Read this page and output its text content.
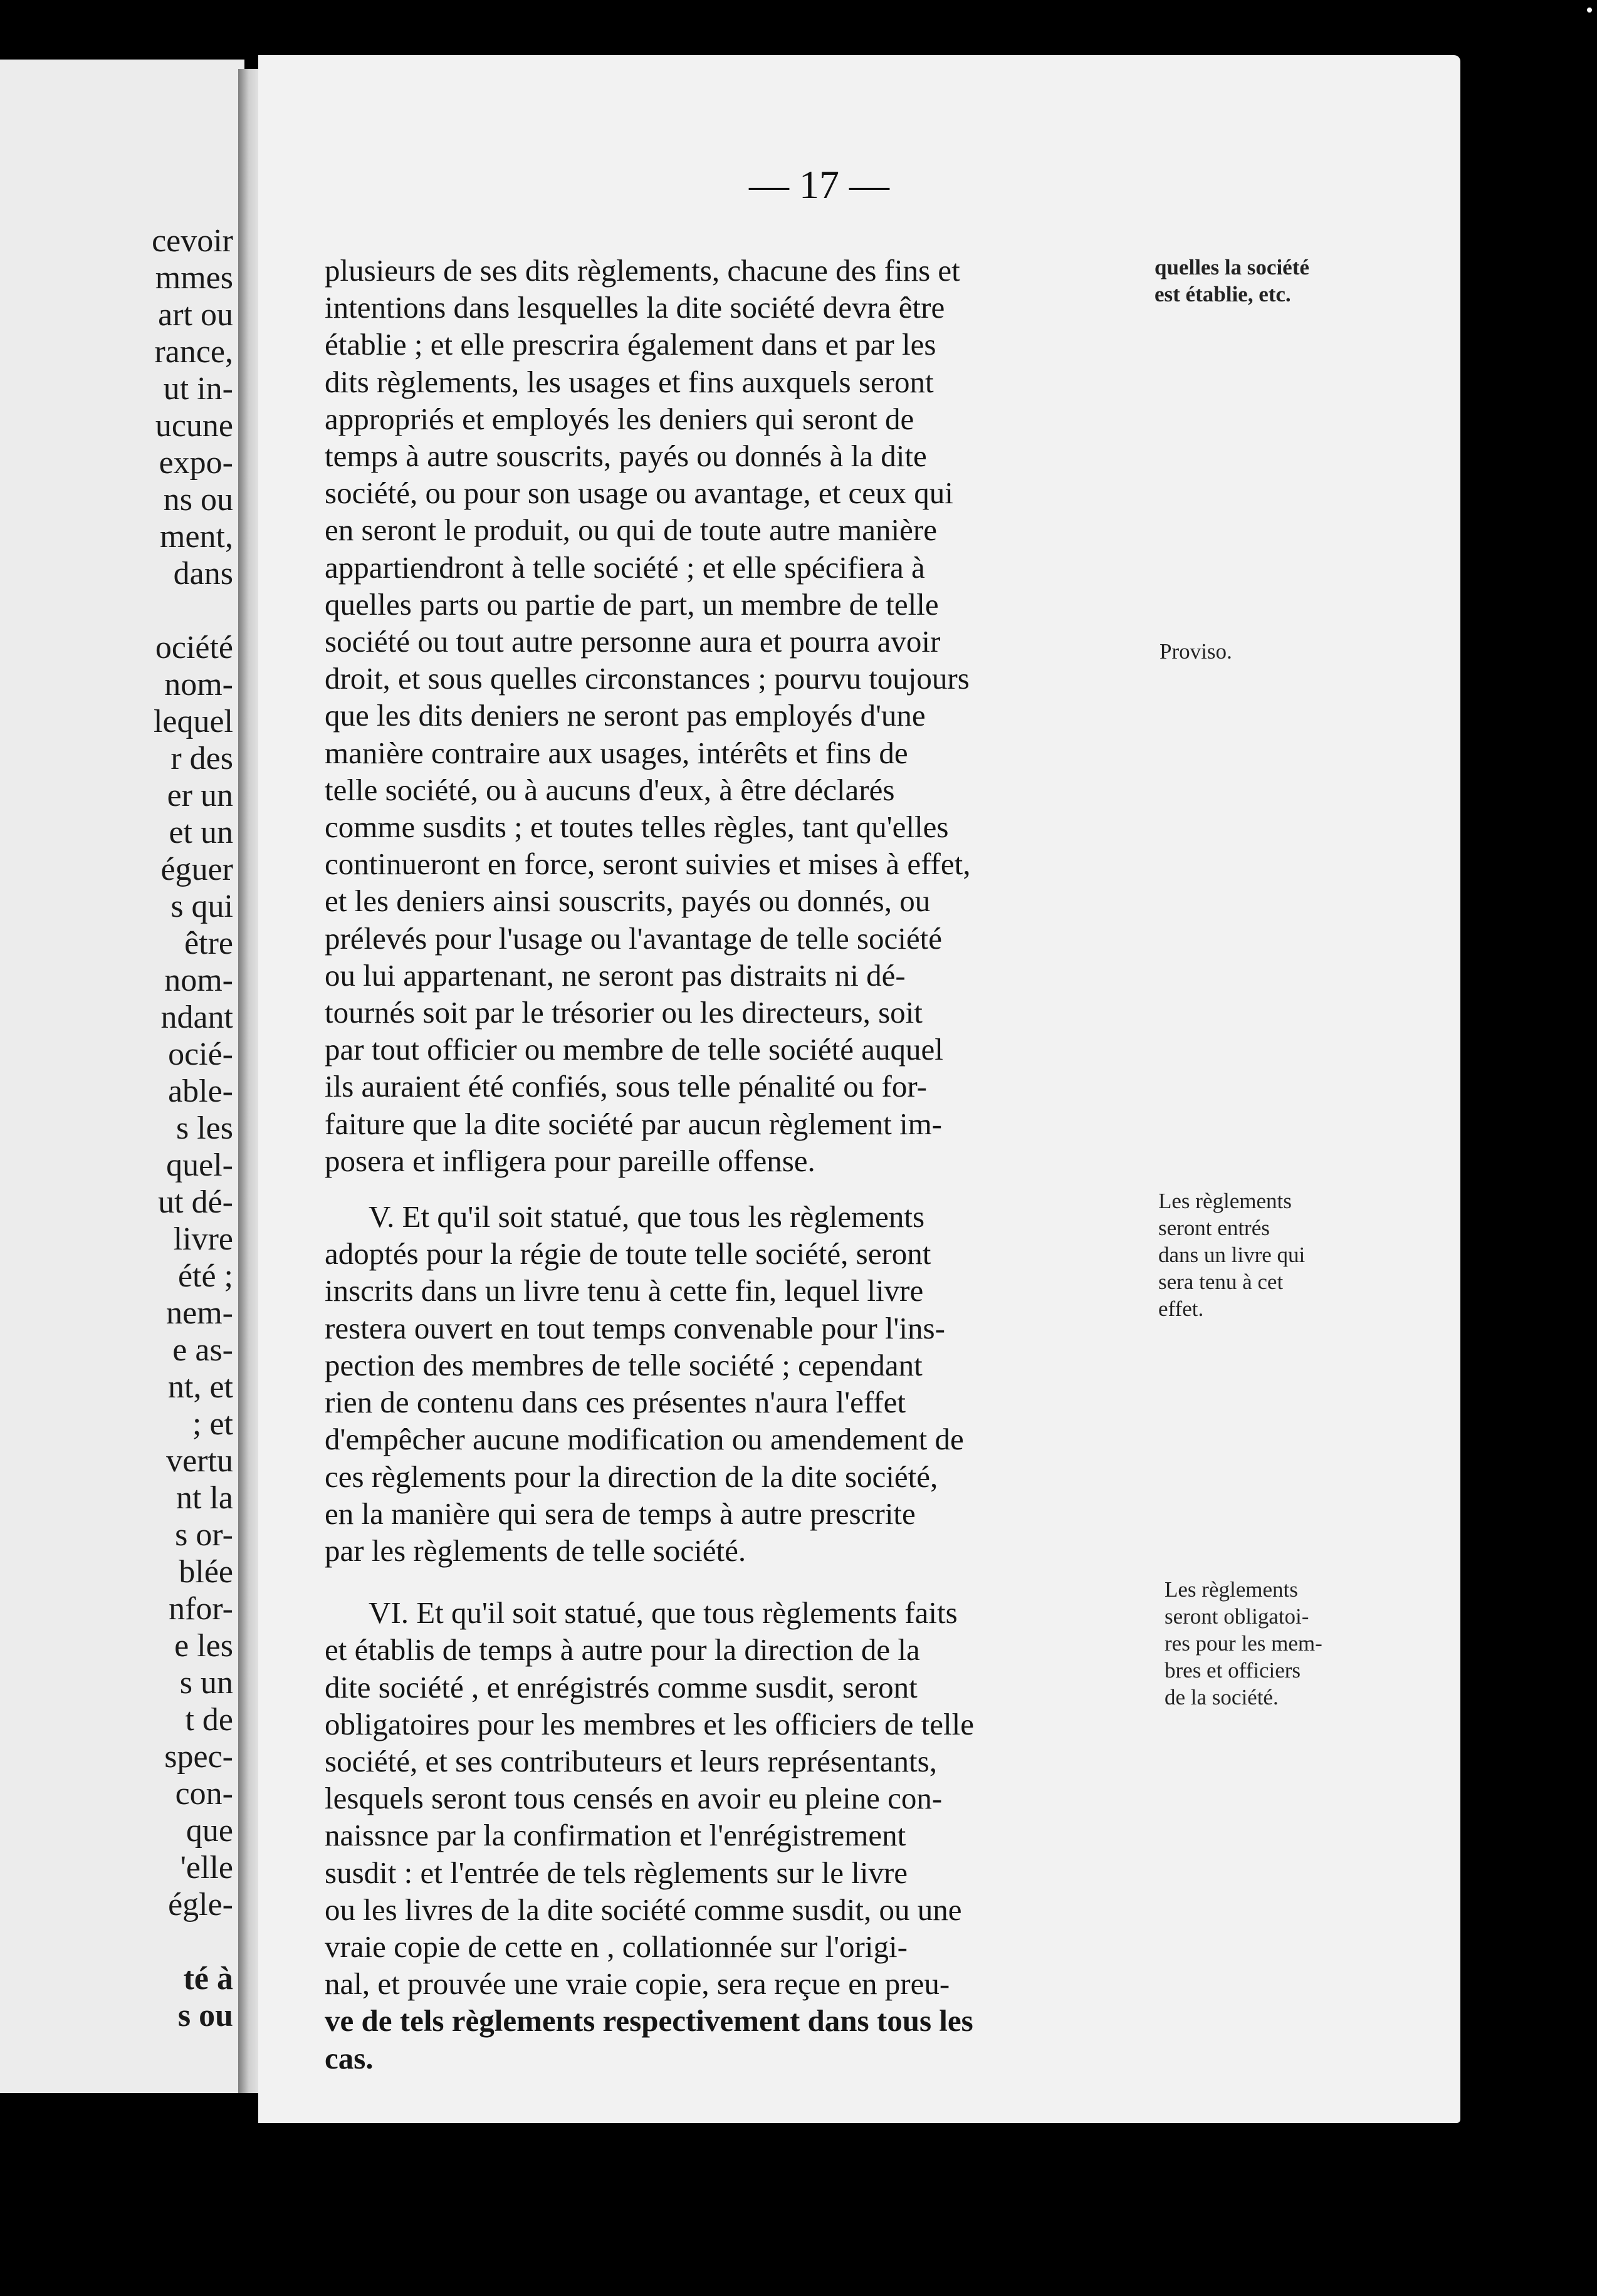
cevoir
mmes
art ou
rance,
ut in-
ucune
expo-
ns ou
ment,
dans
ociété
nom-
lequel
r des
er un
et un
éguer
s qui
être
nom-
ndant
ocié-
able-
s les
quel-
ut dé-
livre
été ;
nem-
e as-
nt, et
; et
vertu
nt la
s or-
blée
nfor-
e les
s un
t de
spec-
con-
que
'elle
égle-
té à
s ou
— 17 —

plusieurs de ses dits règlements, chacune des fins et
intentions dans lesquelles la dite société devra être
établie ; et elle prescrira également dans et par les
dits règlements, les usages et fins auxquels seront
appropriés et employés les deniers qui seront de
temps à autre souscrits, payés ou donnés à la dite
société, ou pour son usage ou avantage, et ceux qui
en seront le produit, ou qui de toute autre manière
appartiendront à telle société ; et elle spécifiera à
quelles parts ou partie de part, un membre de telle
société ou tout autre personne aura et pourra avoir
droit, et sous quelles circonstances ; pourvu toujours
que les dits deniers ne seront pas employés d'une
manière contraire aux usages, intérêts et fins de
telle société, ou à aucuns d'eux, à être déclarés
comme susdits ; et toutes telles règles, tant qu'elles
continueront en force, seront suivies et mises à effet,
et les deniers ainsi souscrits, payés ou donnés, ou
prélevés pour l'usage ou l'avantage de telle société
ou lui appartenant, ne seront pas distraits ni dé-
tournés soit par le trésorier ou les directeurs, soit
par tout officier ou membre de telle société auquel
ils auraient été confiés, sous telle pénalité ou for-
faiture que la dite société par aucun règlement im-
posera et infligera pour pareille offense.

V. Et qu'il soit statué, que tous les règlements
adoptés pour la régie de toute telle société, seront
inscrits dans un livre tenu à cette fin, lequel livre
restera ouvert en tout temps convenable pour l'ins-
pection des membres de telle société ; cependant
rien de contenu dans ces présentes n'aura l'effet
d'empêcher aucune modification ou amendement de
ces règlements pour la direction de la dite société,
en la manière qui sera de temps à autre prescrite
par les règlements de telle société.

VI. Et qu'il soit statué, que tous règlements faits
et établis de temps à autre pour la direction de la
dite société , et enrégistrés comme susdit, seront
obligatoires pour les membres et les officiers de telle
société, et ses contributeurs et leurs représentants,
lesquels seront tous censés en avoir eu pleine con-
naissnce par la confirmation et l'enrégistrement
susdit : et l'entrée de tels règlements sur le livre
ou les livres de la dite société comme susdit, ou une
vraie copie de cette en , collationnée sur l'origi-
nal, et prouvée une vraie copie, sera reçue en preu-
ve de tels règlements respectivement dans tous les
cas.

quelles la société
est établie, etc.
Proviso.
Les règlements
seront entrés
dans un livre qui
sera tenu à cet
effet.
Les règlements
seront obligatoi-
res pour les mem-
bres et officiers
de la société.
